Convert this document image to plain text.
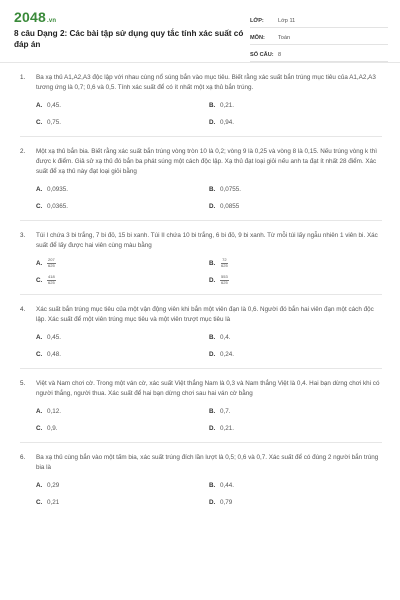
2048.vn
8 câu Dạng 2: Các bài tập sử dụng quy tắc tính xác suất có đáp án
LỚP:	Lớp 11
MÔN:	Toán
SỐ CÂU: 8
1.	Ba xạ thủ A1,A2,A3 độc lập với nhau cùng nổ súng bắn vào mục tiêu. Biết rằng xác suất bắn trúng mục tiêu của A1,A2,A3 tương ứng là 0,7; 0,6 và 0,5. Tính xác suất để có ít nhất một xạ thủ bắn trúng.
A. 0,45.	B. 0,21.
C. 0,75.	D. 0,94.
2.	Một xạ thủ bắn bia. Biết rằng xác suất bắn trúng vòng tròn 10 là 0,2; vòng 9 là 0,25 và vòng 8 là 0,15. Nếu trúng vòng k thì được k điểm. Giả sử xạ thủ đó bắn ba phát súng một cách độc lập. Xạ thủ đạt loại giỏi nếu anh ta đạt ít nhất 28 điểm. Xác suất để xạ thủ này đạt loại giỏi bằng
A. 0,0935.	B. 0,0755.
C. 0,0365.	D. 0,0855
3.	Túi I chứa 3 bi trắng, 7 bi đỏ, 15 bi xanh. Túi II chứa 10 bi trắng, 6 bi đỏ, 9 bi xanh. Từ mỗi túi lấy ngẫu nhiên 1 viên bi. Xác suất để lấy được hai viên cùng màu bằng
A.	$\frac{207}{625}$	B.	$\frac{72}{625}$
C.	$\frac{418}{625}$	D.	$\frac{553}{625}$
4.	Xác suất bắn trúng mục tiêu của một vận động viên khi bắn một viên đạn là 0,6. Người đó bắn hai viên đạn một cách độc lập. Xác suất để một viên trúng mục tiêu và một viên trượt mục tiêu là
A. 0,45.	B. 0,4.
C. 0,48.	D. 0,24.
5.	Việt và Nam chơi cờ. Trong một ván cờ, xác suất Việt thắng Nam là 0,3 và Nam thắng Việt là 0,4. Hai bạn dừng chơi khi có người thắng, người thua. Xác suất để hai bạn dừng chơi sau hai ván cờ bằng
A. 0,12.	B. 0,7.
C. 0,9.	D. 0,21.
6.	Ba xạ thủ cùng bắn vào một tấm bia, xác suất trúng đích lần lượt là 0,5; 0,6 và 0,7. Xác suất để có đúng 2 người bắn trúng bia là
A. 0,29	B. 0,44.
C. 0,21	D. 0,79
